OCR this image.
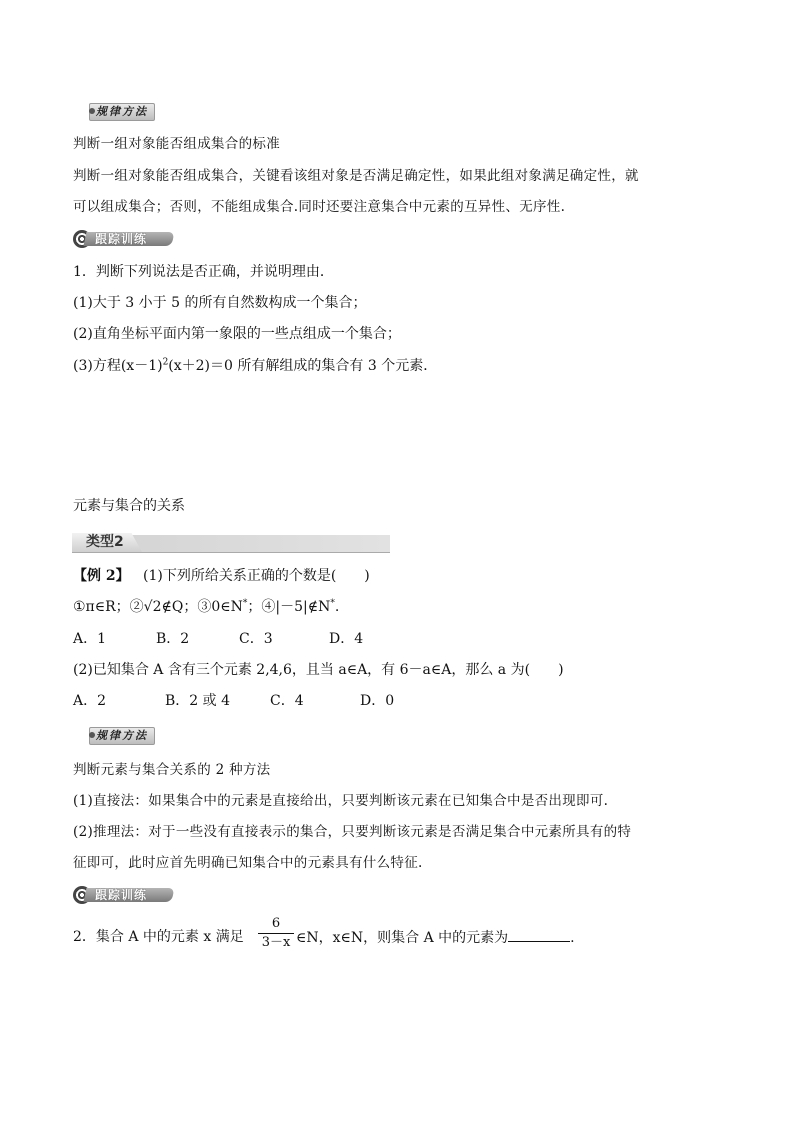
规律方法
判断一组对象能否组成集合的标准
判断一组对象能否组成集合，关键看该组对象是否满足确定性，如果此组对象满足确定性，就
可以组成集合；否则，不能组成集合.同时还要注意集合中元素的互异性、无序性.
跟踪训练
1．判断下列说法是否正确，并说明理由．
(1)大于 3 小于 5 的所有自然数构成一个集合；
(2)直角坐标平面内第一象限的一些点组成一个集合；
(3)方程$(x-1)^2(x+2)=0$ 所有解组成的集合有 3 个元素．
元素与集合的关系
类型2
【例 2】 (1)下列所给关系正确的个数是(　　)
①π∈R；②√2∉Q；③0∈N*；④|－5|∉N*.
A．1	B．2	C．3	D．4
(2)已知集合 A 含有三个元素 2,4,6，且当 a∈A，有 6－a∈A，那么 a 为(　　)
A．2	B．2 或 4	C．4	D．0
规律方法
判断元素与集合关系的 2 种方法
(1)直接法：如果集合中的元素是直接给出，只要判断该元素在已知集合中是否出现即可.
(2)推理法：对于一些没有直接表示的集合，只要判断该元素是否满足集合中元素所具有的特
征即可，此时应首先明确已知集合中的元素具有什么特征.
跟踪训练
2．集合 A 中的元素 x 满足
6
3－x ∈N，x∈N，则集合 A 中的元素为	.
